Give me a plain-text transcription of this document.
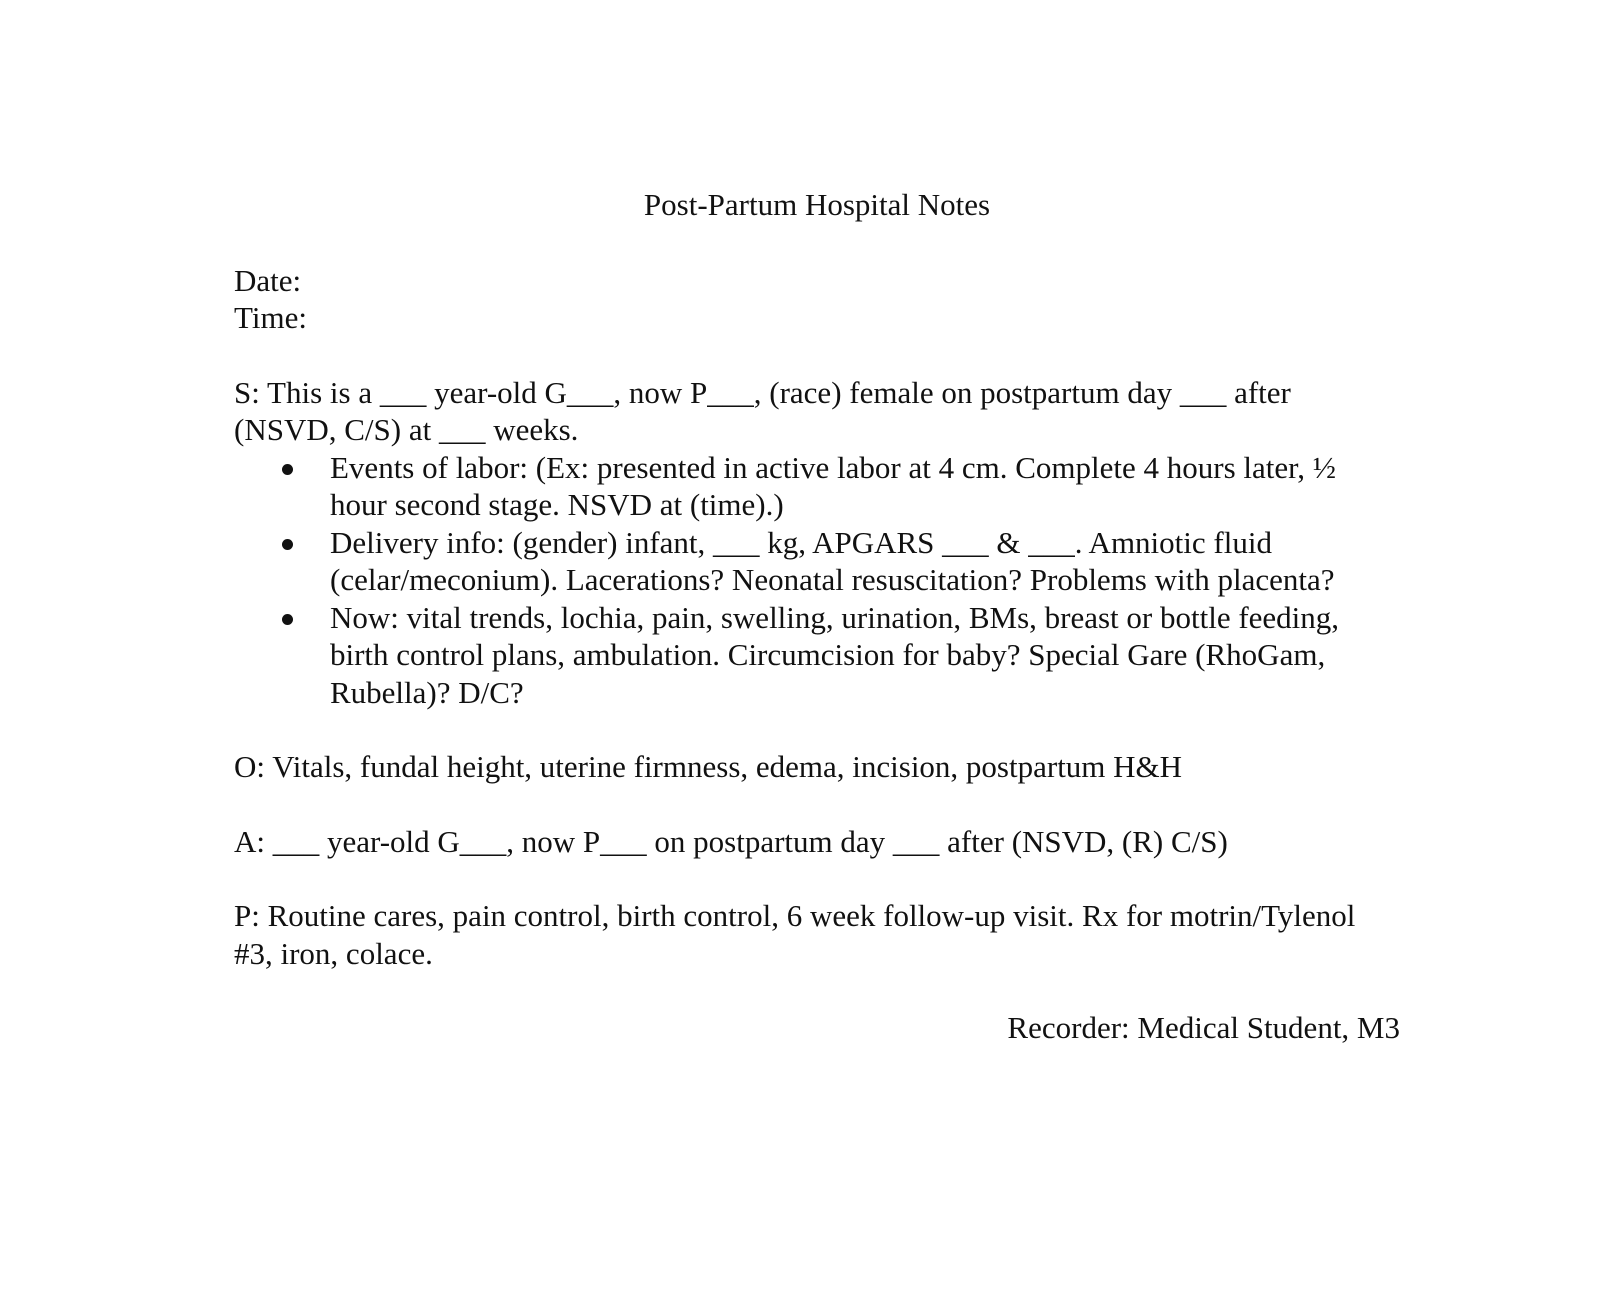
Post-Partum Hospital Notes

Date:

Time:

S: This is a ___ year-old G___, now P___, (race) female on postpartum day ___ after (NSVD, C/S) at ___ weeks.

Events of labor: (Ex: presented in active labor at 4 cm. Complete 4 hours later, ½ hour second stage. NSVD at (time).)
Delivery info: (gender) infant, ___ kg, APGARS ___ & ___. Amniotic fluid (celar/meconium). Lacerations? Neonatal resuscitation? Problems with placenta?
Now: vital trends, lochia, pain, swelling, urination, BMs, breast or bottle feeding, birth control plans, ambulation. Circumcision for baby? Special Gare (RhoGam, Rubella)? D/C?

O: Vitals, fundal height, uterine firmness, edema, incision, postpartum H&H

A: ___ year-old G___, now P___ on postpartum day ___ after (NSVD, (R) C/S)

P: Routine cares, pain control, birth control, 6 week follow-up visit. Rx for motrin/Tylenol #3, iron, colace.

Recorder: Medical Student, M3
